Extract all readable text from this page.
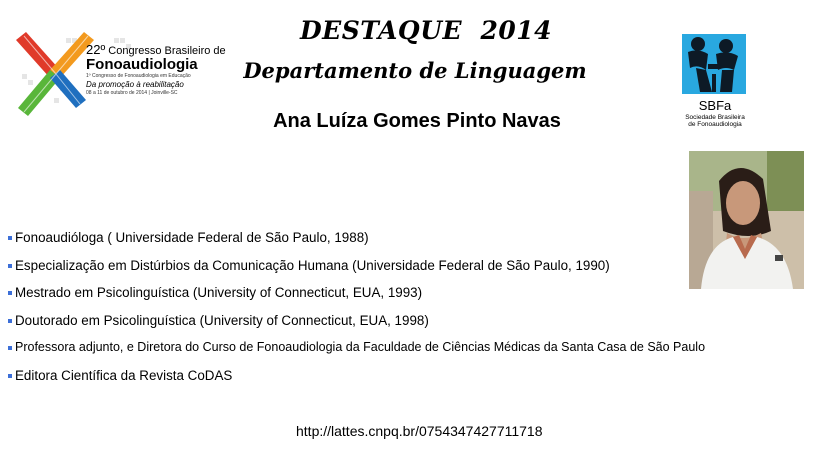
22º Congresso Brasileiro de
Fonoaudiologia
1º Congresso de Fonoaudiologia em Educação
Da promoção à reabilitação
08 a 11 de outubro de 2014 | Joinville-SC
DESTAQUE  2014
Departamento de Linguagem
Ana Luíza Gomes Pinto Navas
SBFa
Sociedade Brasileira
de Fonoaudiologia
Fonoaudióloga ( Universidade Federal de São Paulo, 1988)
Especialização em Distúrbios da Comunicação Humana (Universidade Federal de São Paulo, 1990)
Mestrado em Psicolinguística (University of Connecticut, EUA, 1993)
Doutorado em Psicolinguística (University of Connecticut, EUA, 1998)
Professora adjunto, e Diretora do Curso de Fonoaudiologia da Faculdade de Ciências Médicas da Santa Casa de São Paulo
Editora Científica da Revista CoDAS
http://lattes.cnpq.br/0754347427711718
